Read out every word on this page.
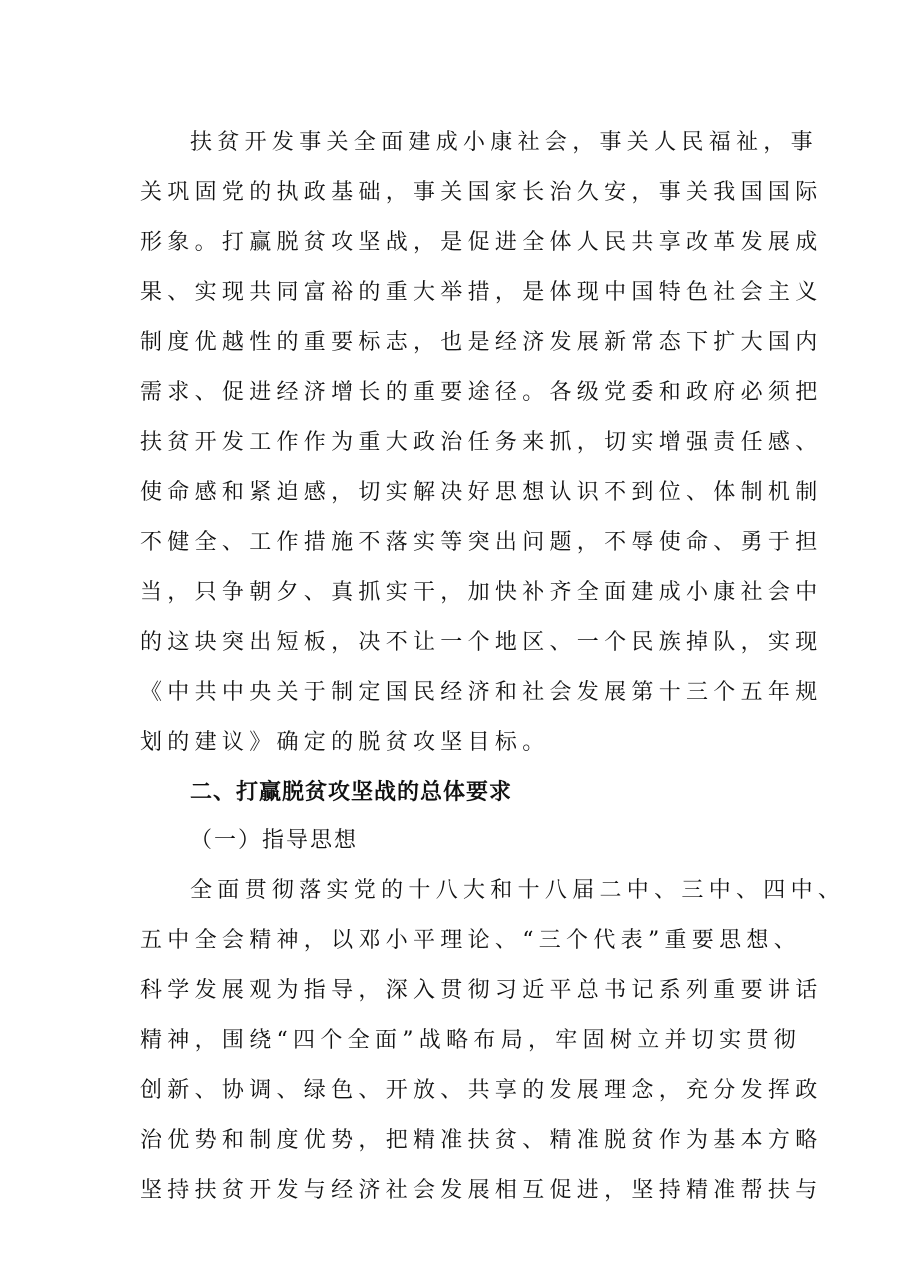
扶贫开发事关全面建成小康社会，事关人民福祉，事
关巩固党的执政基础，事关国家长治久安，事关我国国际
形象。打赢脱贫攻坚战，是促进全体人民共享改革发展成
果、实现共同富裕的重大举措，是体现中国特色社会主义
制度优越性的重要标志，也是经济发展新常态下扩大国内
需求、促进经济增长的重要途径。各级党委和政府必须把
扶贫开发工作作为重大政治任务来抓，切实增强责任感、
使命感和紧迫感，切实解决好思想认识不到位、体制机制
不健全、工作措施不落实等突出问题，不辱使命、勇于担
当，只争朝夕、真抓实干，加快补齐全面建成小康社会中
的这块突出短板，决不让一个地区、一个民族掉队，实现
《中共中央关于制定国民经济和社会发展第十三个五年规
划的建议》确定的脱贫攻坚目标。
二、打赢脱贫攻坚战的总体要求
（一）指导思想
全面贯彻落实党的十八大和十八届二中、三中、四中、
五中全会精神，以邓小平理论、“三个代表”重要思想、
科学发展观为指导，深入贯彻习近平总书记系列重要讲话
精神，围绕“四个全面”战略布局，牢固树立并切实贯彻
创新、协调、绿色、开放、共享的发展理念，充分发挥政
治优势和制度优势，把精准扶贫、精准脱贫作为基本方略
坚持扶贫开发与经济社会发展相互促进，坚持精准帮扶与
